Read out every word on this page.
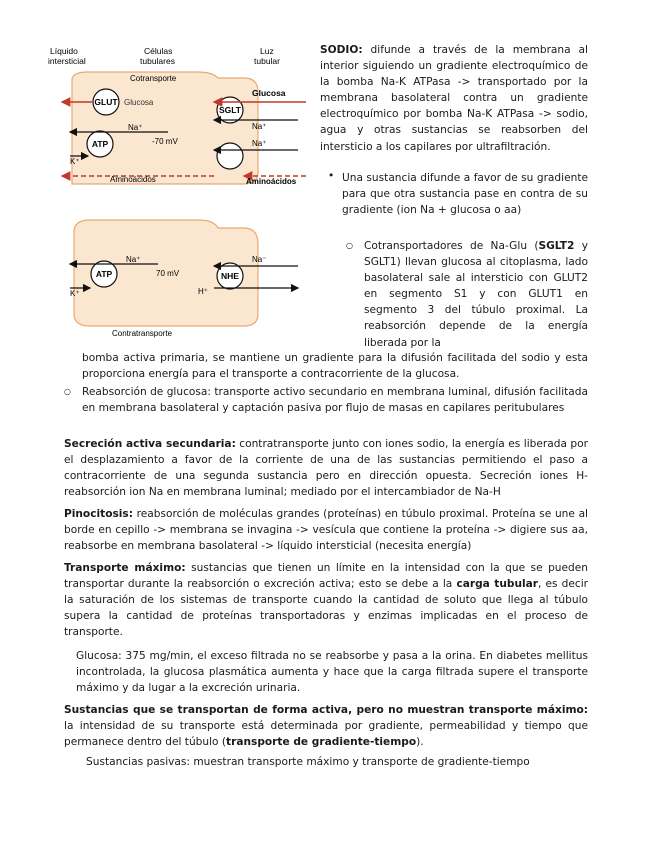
Líquido
intersticial
Células
tubulares
Luz
tubular
Cotransporte
GLUT Glucosa
SGLT
Glucosa
Na⁺
ATP
Na⁺
K⁺
-70 mV	Na⁺
Aminoácidos	Aminoácidos
ATP
Na⁺
K⁺
70 mV	NHE
Na⁻
H⁺
Contratransporte

SODIO: difunde a través de la membrana al interior siguiendo un gradiente electroquímico de la bomba Na-K ATPasa -> transportado por la membrana basolateral contra un gradiente electroquímico por bomba Na-K ATPasa -> sodio, agua y otras sustancias se reabsorben del intersticio a los capilares por ultrafiltración.

• Una sustancia difunde a favor de su gradiente para que otra sustancia pase en contra de su gradiente (ion Na + glucosa o aa)

○ Cotransportadores de Na-Glu (SGLT2 y SGLT1) llevan glucosa al citoplasma, lado basolateral sale al intersticio con GLUT2 en segmento S1 y con GLUT1 en segmento 3 del túbulo proximal. La reabsorción depende de la energía liberada por la

bomba activa primaria, se mantiene un gradiente para la difusión facilitada del sodio y esta proporciona energía para el transporte a contracorriente de la glucosa.

○ Reabsorción de glucosa: transporte activo secundario en membrana luminal, difusión facilitada en membrana basolateral y captación pasiva por flujo de masas en capilares peritubulares

Secreción activa secundaria: contratransporte junto con iones sodio, la energía es liberada por el desplazamiento a favor de la corriente de una de las sustancias permitiendo el paso a contracorriente de una segunda sustancia pero en dirección opuesta. Secreción iones H- reabsorción ion Na en membrana luminal; mediado por el intercambiador de Na-H

Pinocitosis: reabsorción de moléculas grandes (proteínas) en túbulo proximal. Proteína se une al borde en cepillo -> membrana se invagina -> vesícula que contiene la proteína -> digiere sus aa, reabsorbe en membrana basolateral -> líquido intersticial (necesita energía)

Transporte máximo: sustancias que tienen un límite en la intensidad con la que se pueden transportar durante la reabsorción o excreción activa; esto se debe a la carga tubular, es decir la saturación de los sistemas de transporte cuando la cantidad de soluto que llega al túbulo supera la cantidad de proteínas transportadoras y enzimas implicadas en el proceso de transporte.

Glucosa: 375 mg/min, el exceso filtrada no se reabsorbe y pasa a la orina. En diabetes mellitus incontrolada, la glucosa plasmática aumenta y hace que la carga filtrada supere el transporte máximo y da lugar a la excreción urinaria.

Sustancias que se transportan de forma activa, pero no muestran transporte máximo: la intensidad de su transporte está determinada por gradiente, permeabilidad y tiempo que permanece dentro del túbulo (transporte de gradiente-tiempo).

Sustancias pasivas: muestran transporte máximo y transporte de gradiente-tiempo
